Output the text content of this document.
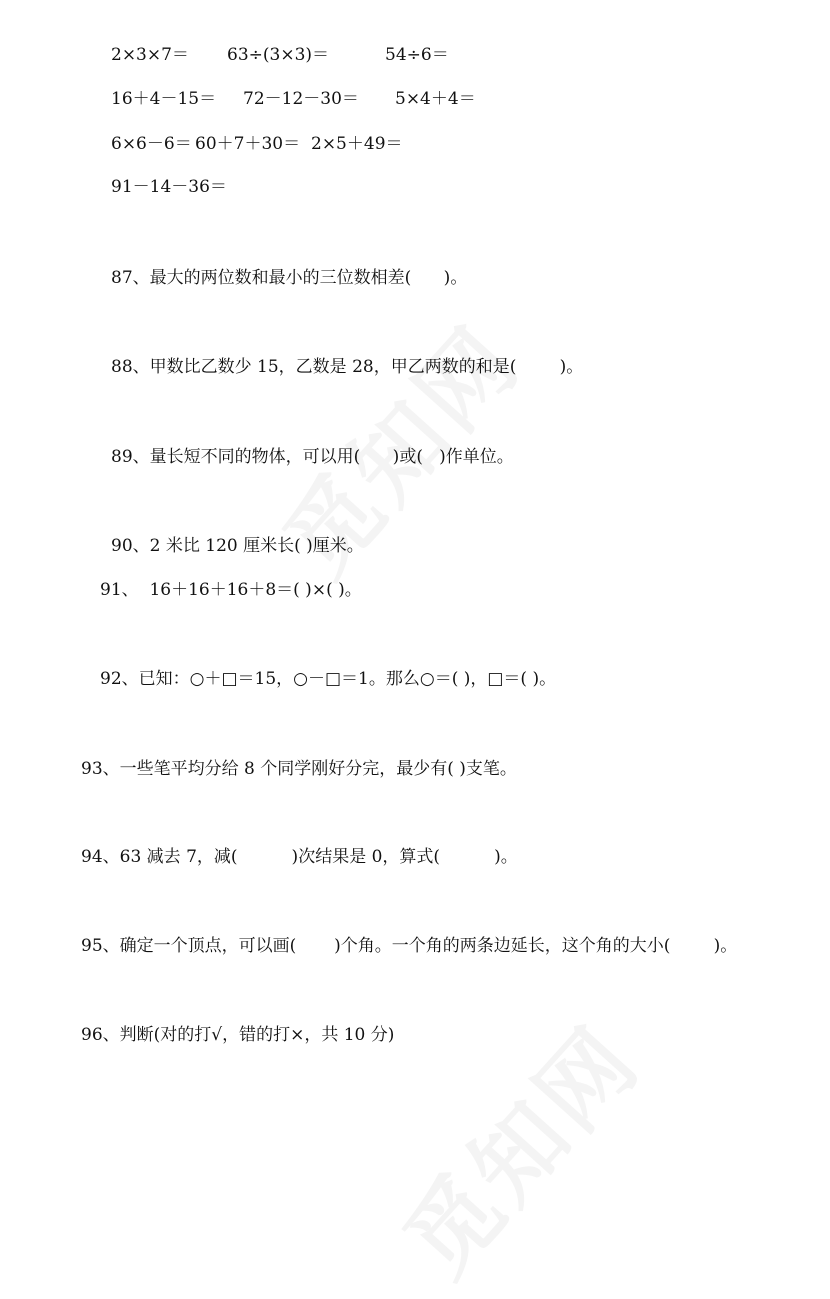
2×3×7＝ 63÷(3×3)＝	54÷6＝
16＋4－15＝ 72－12－30＝ 5×4＋4＝
6×6－6＝ 60＋7＋30＝ 2×5＋49＝
91－14－36＝
87、最大的两位数和最小的三位数相差(      )。
88、甲数比乙数少 15，乙数是 28，甲乙两数的和是(        )。
89、量长短不同的物体，可以用(      )或(   )作单位。
90、2 米比 120 厘米长( )厘米。
91、  16＋16＋16＋8＝( )×( )。
92、已知：○＋□＝15，○－□＝1。那么○＝( )，□＝( )。
93、一些笔平均分给 8 个同学刚好分完，最少有( )支笔。
94、63 减去 7，减(          )次结果是 0，算式(          )。
95、确定一个顶点，可以画(       )个角。一个角的两条边延长，这个角的大小(        )。
96、判断(对的打√，错的打×，共 10 分)
